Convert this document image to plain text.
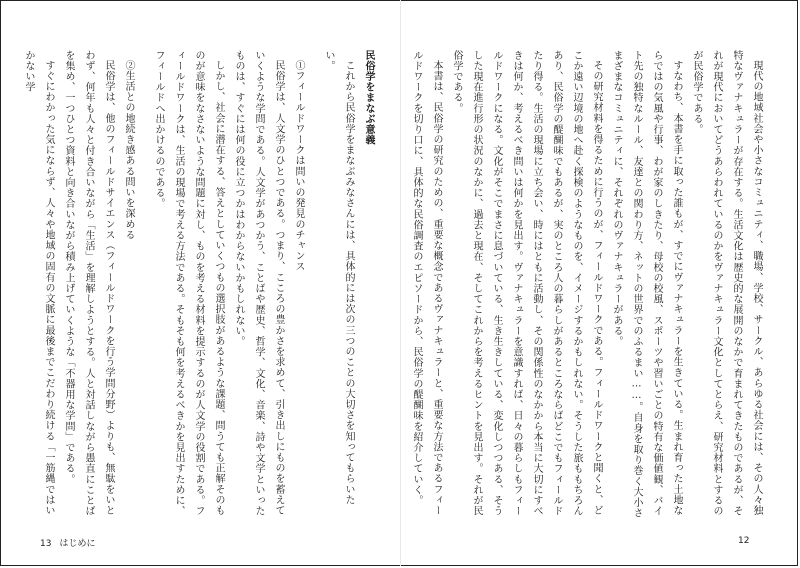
民俗学をまなぶ意義

これから民俗学をまなぶみなさんには、具体的には次の三つのことの大切さを知ってもらいたい。

①フィールドワークは問いの発見のチャンス

民俗学は、人文学のひとつである。つまり、こころの豊かさを求めて、引き出しにものを蓄えていくような学問である。人文学があつかう、ことばや歴史、哲学、文化、音楽、詩や文学といったものは、すぐには何の役に立つかはわからないかもしれない。

しかし、社会に潜在する、答えとしていくつもの選択肢があるような課題、問うても正解そのものが意味をなさないような問題に対し、ものを考える材料を提示するのが人文学の役割である。フィールドワークは、生活の現場で考える方法である。そもそも何を考えるべきかを見出すために、フィールドへ出かけるのである。

②生活との地続き感ある問いを深める

民俗学は、他のフィールドサイエンス（フィールドワークを行う学問分野）よりも、無駄をいとわず、何年も人々と付き合いながら「生活」を理解しようとする。人と対話しながら愚直にことばを集め、一つひとつ資料と向き合いながら積み上げていくような「不器用な学問」である。

すぐにわかった気にならず、人々や地域の固有の文脈に最後までこだわり続ける「一筋縄ではいかない学	現代の地域社会や小さなコミュニティ、職場、学校、サークル、あらゆる社会には、その人々独特なヴァナキュラーが存在する。生活文化は歴史的な展開のなかで育まれてきたものであるが、それが現代においてどうあらわれているのかをヴァナキュラー文化としてとらえ、研究材料とするのが民俗学である。

すなわち、本書を手に取った誰もが、すでにヴァナキュラーを生きている。生まれ育った土地ならではの気風や行事、わが家のしきたり、母校の校風、スポーツや習いごとの特有な価値観、バイト先の独特なルール、友達との関わり方、ネットの世界でのふるまい……。自身を取り巻く大小さまざまなコミュニティに、それぞれのヴァナキュラーがある。

その研究材料を得るために行うのが、フィールドワークである。フィールドワークと聞くと、どこか遠い辺境の地へ赴く探検のようなものを、イメージするかもしれない。そうした旅ももちろんあり、民俗学の醍醐味でもあるが、実のところ人の暮らしがあるところならばどこでもフィールドたり得る。生活の現場に立ち会い、時にはともに活動し、その関係性のなかから本当に大切にすべきは何か、考えるべき問いは何かを見出す。ヴァナキュラーを意識すれば、日々の暮らしもフィールドワークになる。文化がそこでまさに息づいている、生き生きしている、変化しつつある、そうした現在進行形の状況のなかに、過去と現在、そしてこれからを考えるヒントを見出す。それが民俗学である。

本書は、民俗学の研究のための、重要な概念であるヴァナキュラーと、重要な方法であるフィールドワークを切り口に、具体的な民俗調査のエピソードから、民俗学の醍醐味を紹介していく。

13 はじめに	12
